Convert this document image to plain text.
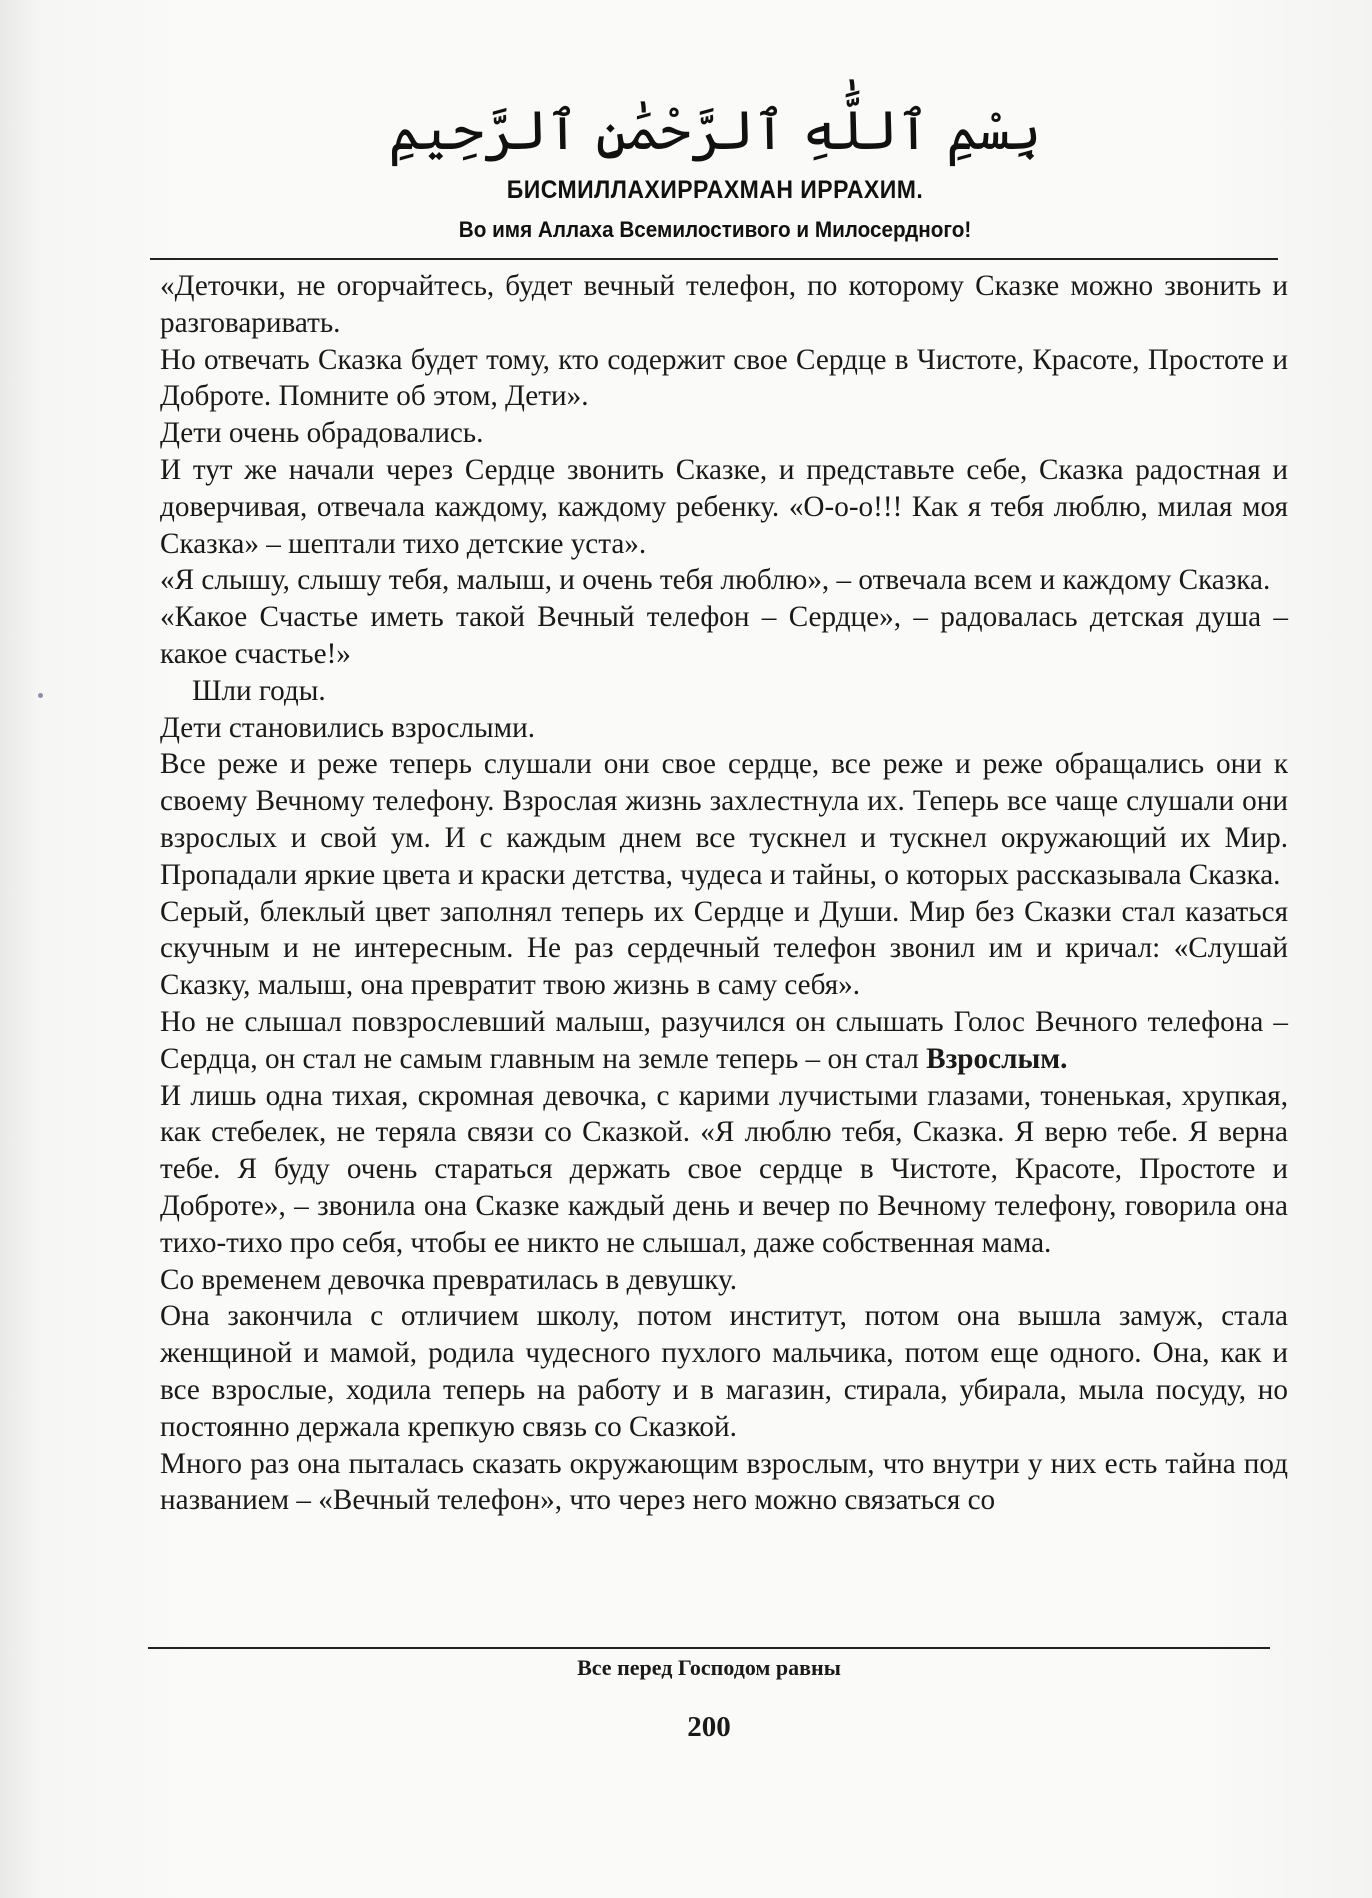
بِسْمِ ٱللَّٰهِ ٱلرَّحْمَٰنِ ٱلرَّحِيمِ
БИСМИЛЛАХИРРАХМАН ИРРАХИМ.
Во имя Аллаха Всемилостивого и Милосердного!

«Деточки, не огорчайтесь, будет вечный телефон, по которому Сказке можно звонить и разговаривать.

Но отвечать Сказка будет тому, кто содержит свое Сердце в Чистоте, Красоте, Простоте и Доброте. Помните об этом, Дети».

Дети очень обрадовались.

И тут же начали через Сердце звонить Сказке, и представьте себе, Сказка радостная и доверчивая, отвечала каждому, каждому ребенку. «О-о-о!!! Как я тебя люблю, милая моя Сказка» – шептали тихо детские уста».

«Я слышу, слышу тебя, малыш, и очень тебя люблю», – отвечала всем и каждому Сказка.

«Какое Счастье иметь такой Вечный телефон – Сердце», – радовалась детская душа – какое счастье!»

Шли годы.

Дети становились взрослыми.

Все реже и реже теперь слушали они свое сердце, все реже и реже обращались они к своему Вечному телефону. Взрослая жизнь захлестнула их. Теперь все чаще слушали они взрослых и свой ум. И с каждым днем все тускнел и тускнел окружающий их Мир. Пропадали яркие цвета и краски детства, чудеса и тайны, о которых рассказывала Сказка.

Серый, блеклый цвет заполнял теперь их Сердце и Души. Мир без Сказки стал казаться скучным и не интересным. Не раз сердечный телефон звонил им и кричал: «Слушай Сказку, малыш, она превратит твою жизнь в саму себя».

Но не слышал повзрослевший малыш, разучился он слышать Голос Вечного телефона – Сердца, он стал не самым главным на земле теперь – он стал Взрослым.

И лишь одна тихая, скромная девочка, с карими лучистыми глазами, тоненькая, хрупкая, как стебелек, не теряла связи со Сказкой. «Я люблю тебя, Сказка. Я верю тебе. Я верна тебе. Я буду очень стараться держать свое сердце в Чистоте, Красоте, Простоте и Доброте», – звонила она Сказке каждый день и вечер по Вечному телефону, говорила она тихо-тихо про себя, чтобы ее никто не слышал, даже собственная мама.

Со временем девочка превратилась в девушку.

Она закончила с отличием школу, потом институт, потом она вышла замуж, стала женщиной и мамой, родила чудесного пухлого мальчика, потом еще одного. Она, как и все взрослые, ходила теперь на работу и в магазин, стирала, убирала, мыла посуду, но постоянно держала крепкую связь со Сказкой.

Много раз она пыталась сказать окружающим взрослым, что внутри у них есть тайна под названием – «Вечный телефон», что через него можно связаться со

Все перед Господом равны
200
